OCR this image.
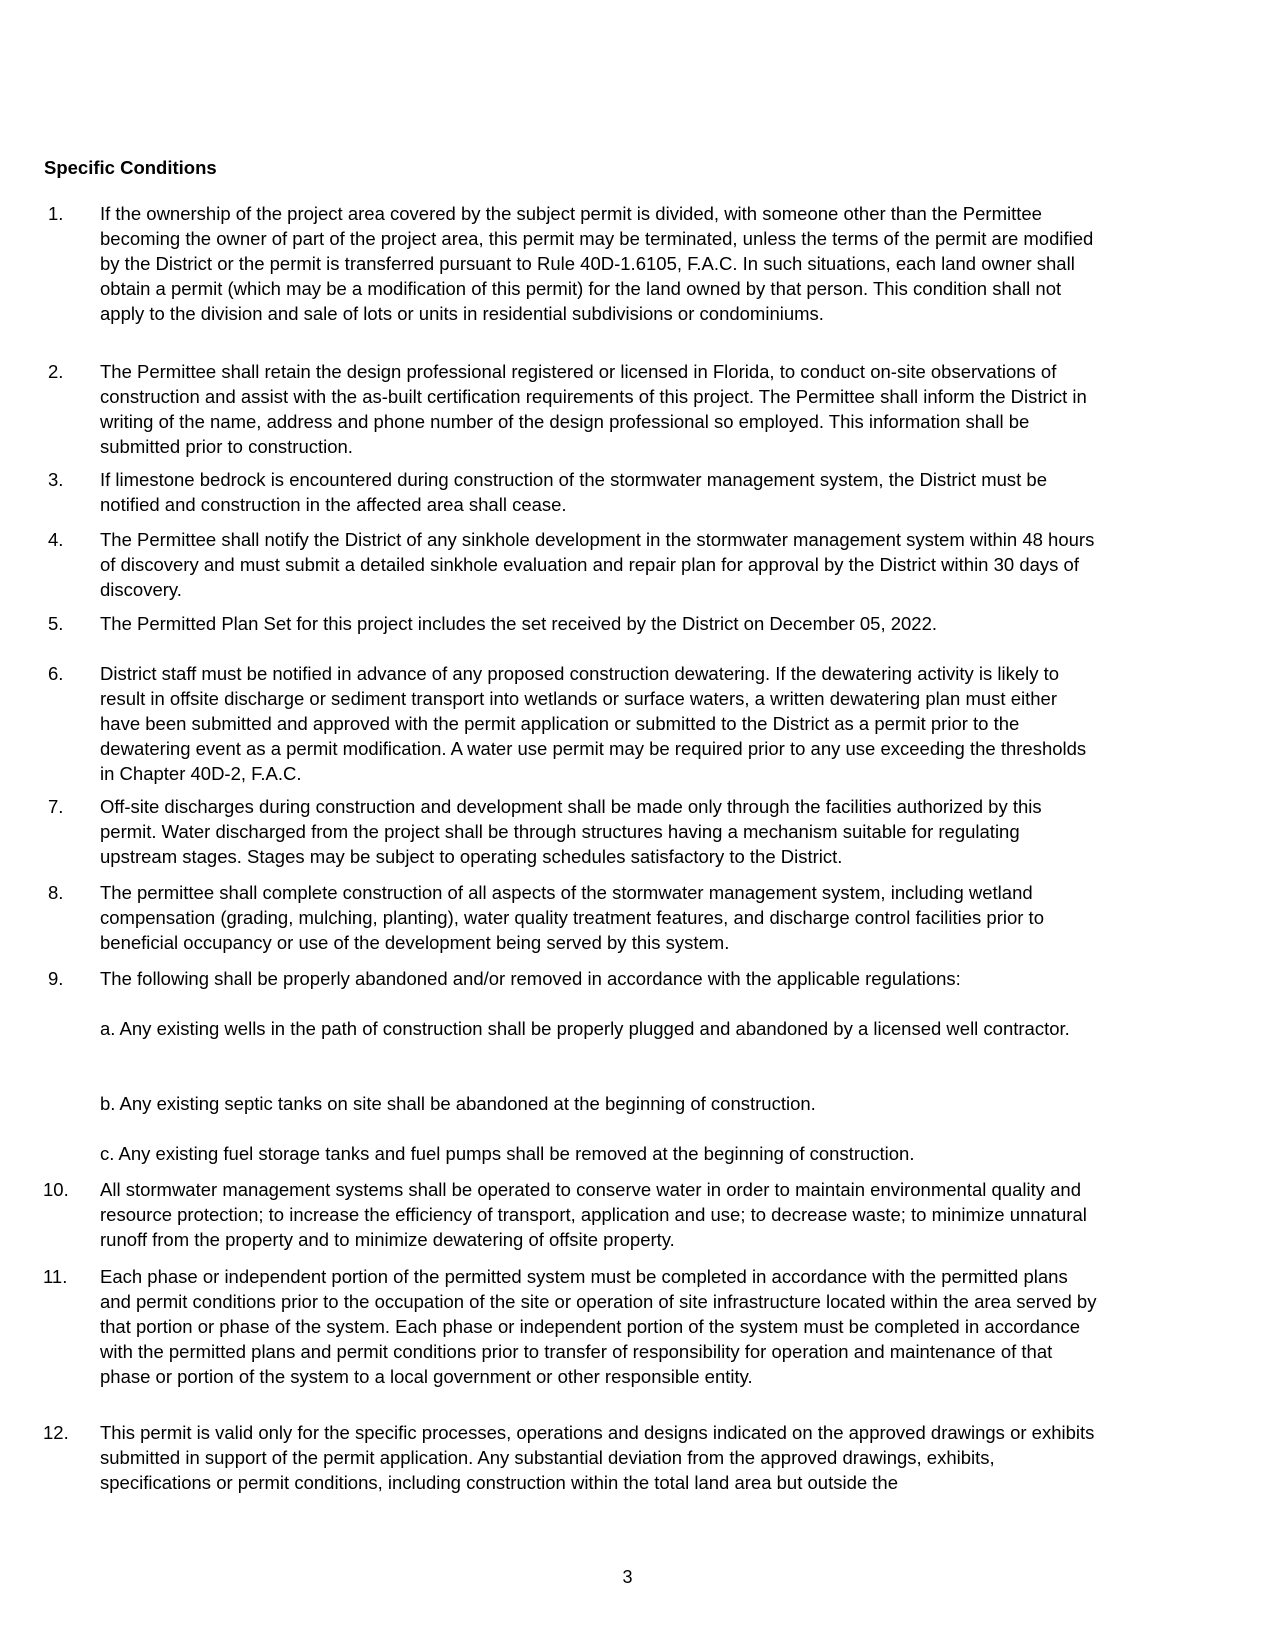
Specific Conditions
1. If the ownership of the project area covered by the subject permit is divided, with someone other than the Permittee becoming the owner of part of the project area, this permit may be terminated, unless the terms of the permit are modified by the District or the permit is transferred pursuant to Rule 40D-1.6105, F.A.C. In such situations, each land owner shall obtain a permit (which may be a modification of this permit) for the land owned by that person. This condition shall not apply to the division and sale of lots or units in residential subdivisions or condominiums.
2. The Permittee shall retain the design professional registered or licensed in Florida, to conduct on-site observations of construction and assist with the as-built certification requirements of this project. The Permittee shall inform the District in writing of the name, address and phone number of the design professional so employed. This information shall be submitted prior to construction.
3. If limestone bedrock is encountered during construction of the stormwater management system, the District must be notified and construction in the affected area shall cease.
4. The Permittee shall notify the District of any sinkhole development in the stormwater management system within 48 hours of discovery and must submit a detailed sinkhole evaluation and repair plan for approval by the District within 30 days of discovery.
5. The Permitted Plan Set for this project includes the set received by the District on December 05, 2022.
6. District staff must be notified in advance of any proposed construction dewatering. If the dewatering activity is likely to result in offsite discharge or sediment transport into wetlands or surface waters, a written dewatering plan must either have been submitted and approved with the permit application or submitted to the District as a permit prior to the dewatering event as a permit modification. A water use permit may be required prior to any use exceeding the thresholds in Chapter 40D-2, F.A.C.
7. Off-site discharges during construction and development shall be made only through the facilities authorized by this permit. Water discharged from the project shall be through structures having a mechanism suitable for regulating upstream stages. Stages may be subject to operating schedules satisfactory to the District.
8. The permittee shall complete construction of all aspects of the stormwater management system, including wetland compensation (grading, mulching, planting), water quality treatment features, and discharge control facilities prior to beneficial occupancy or use of the development being served by this system.
9. The following shall be properly abandoned and/or removed in accordance with the applicable regulations:
a. Any existing wells in the path of construction shall be properly plugged and abandoned by a licensed well contractor.
b. Any existing septic tanks on site shall be abandoned at the beginning of construction.
c. Any existing fuel storage tanks and fuel pumps shall be removed at the beginning of construction.
10. All stormwater management systems shall be operated to conserve water in order to maintain environmental quality and resource protection; to increase the efficiency of transport, application and use; to decrease waste; to minimize unnatural runoff from the property and to minimize dewatering of offsite property.
11. Each phase or independent portion of the permitted system must be completed in accordance with the permitted plans and permit conditions prior to the occupation of the site or operation of site infrastructure located within the area served by that portion or phase of the system. Each phase or independent portion of the system must be completed in accordance with the permitted plans and permit conditions prior to transfer of responsibility for operation and maintenance of that phase or portion of the system to a local government or other responsible entity.
12. This permit is valid only for the specific processes, operations and designs indicated on the approved drawings or exhibits submitted in support of the permit application. Any substantial deviation from the approved drawings, exhibits, specifications or permit conditions, including construction within the total land area but outside the
3
